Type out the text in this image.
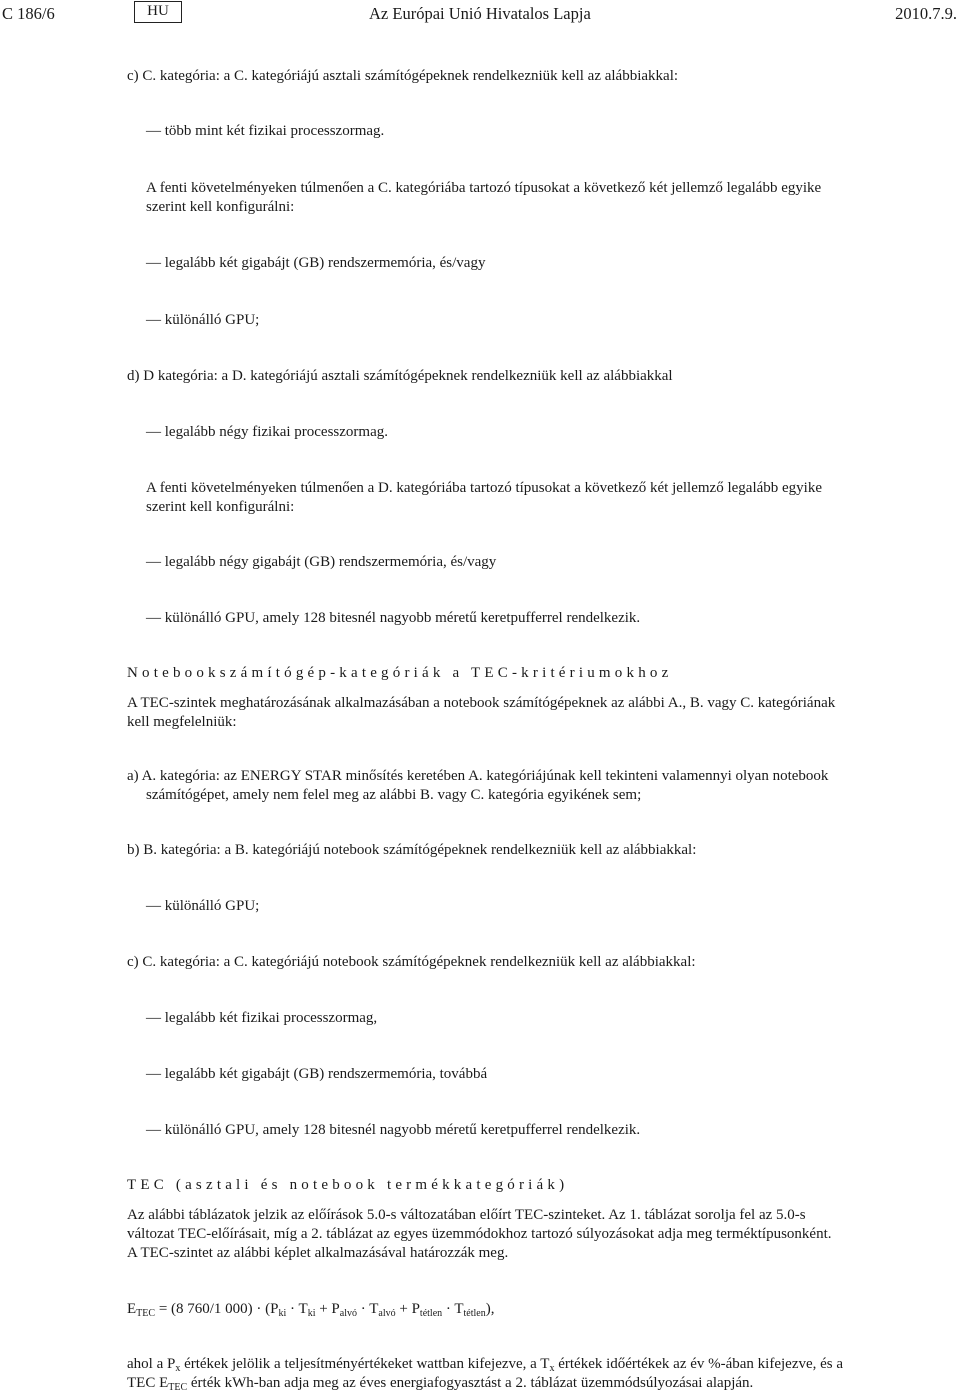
C 186/6	HU	Az Európai Unió Hivatalos Lapja	2010.7.9.
c) C. kategória: a C. kategóriájú asztali számítógépeknek rendelkezniük kell az alábbiakkal:
— több mint két fizikai processzormag.
A fenti követelményeken túlmenően a C. kategóriába tartozó típusokat a következő két jellemző legalább egyike
szerint kell konfigurálni:
— legalább két gigabájt (GB) rendszermemória, és/vagy
— különálló GPU;
d) D kategória: a D. kategóriájú asztali számítógépeknek rendelkezniük kell az alábbiakkal
— legalább négy fizikai processzormag.
A fenti követelményeken túlmenően a D. kategóriába tartozó típusokat a következő két jellemző legalább egyike
szerint kell konfigurálni:
— legalább négy gigabájt (GB) rendszermemória, és/vagy
— különálló GPU, amely 128 bitesnél nagyobb méretű keretpufferrel rendelkezik.
Notebookszámítógép-kategóriák a TEC-kritériumokhoz
A TEC-szintek meghatározásának alkalmazásában a notebook számítógépeknek az alábbi A., B. vagy C. kategóriának
kell megfelelniük:
a) A. kategória: az ENERGY STAR minősítés keretében A. kategóriájúnak kell tekinteni valamennyi olyan notebook
számítógépet, amely nem felel meg az alábbi B. vagy C. kategória egyikének sem;
b) B. kategória: a B. kategóriájú notebook számítógépeknek rendelkezniük kell az alábbiakkal:
— különálló GPU;
c) C. kategória: a C. kategóriájú notebook számítógépeknek rendelkezniük kell az alábbiakkal:
— legalább két fizikai processzormag,
— legalább két gigabájt (GB) rendszermemória, továbbá
— különálló GPU, amely 128 bitesnél nagyobb méretű keretpufferrel rendelkezik.
TEC (asztali és notebook termékkategóriák)
Az alábbi táblázatok jelzik az előírások 5.0-s változatában előírt TEC-szinteket. Az 1. táblázat sorolja fel az 5.0-s
változat TEC-előírásait, míg a 2. táblázat az egyes üzemmódokhoz tartozó súlyozásokat adja meg terméktípusonként.
A TEC-szintet az alábbi képlet alkalmazásával határozzák meg.
$E_{TEC} = (8$ 760/1 $000) \cdot (P_{ki} \cdot T_{ki} + P_{alvó} \cdot T_{alvó} + P_{tétlen} \cdot T_{tétlen})$,
ahol a $P_x$ értékek jelölik a teljesítményértékeket wattban kifejezve, a $T_x$ értékek időértékek az év %-ában kifejezve, és a
TEC $E_{TEC}$ érték kWh-ban adja meg az éves energiafogyasztást a 2. táblázat üzemmódsúlyozásai alapján.
